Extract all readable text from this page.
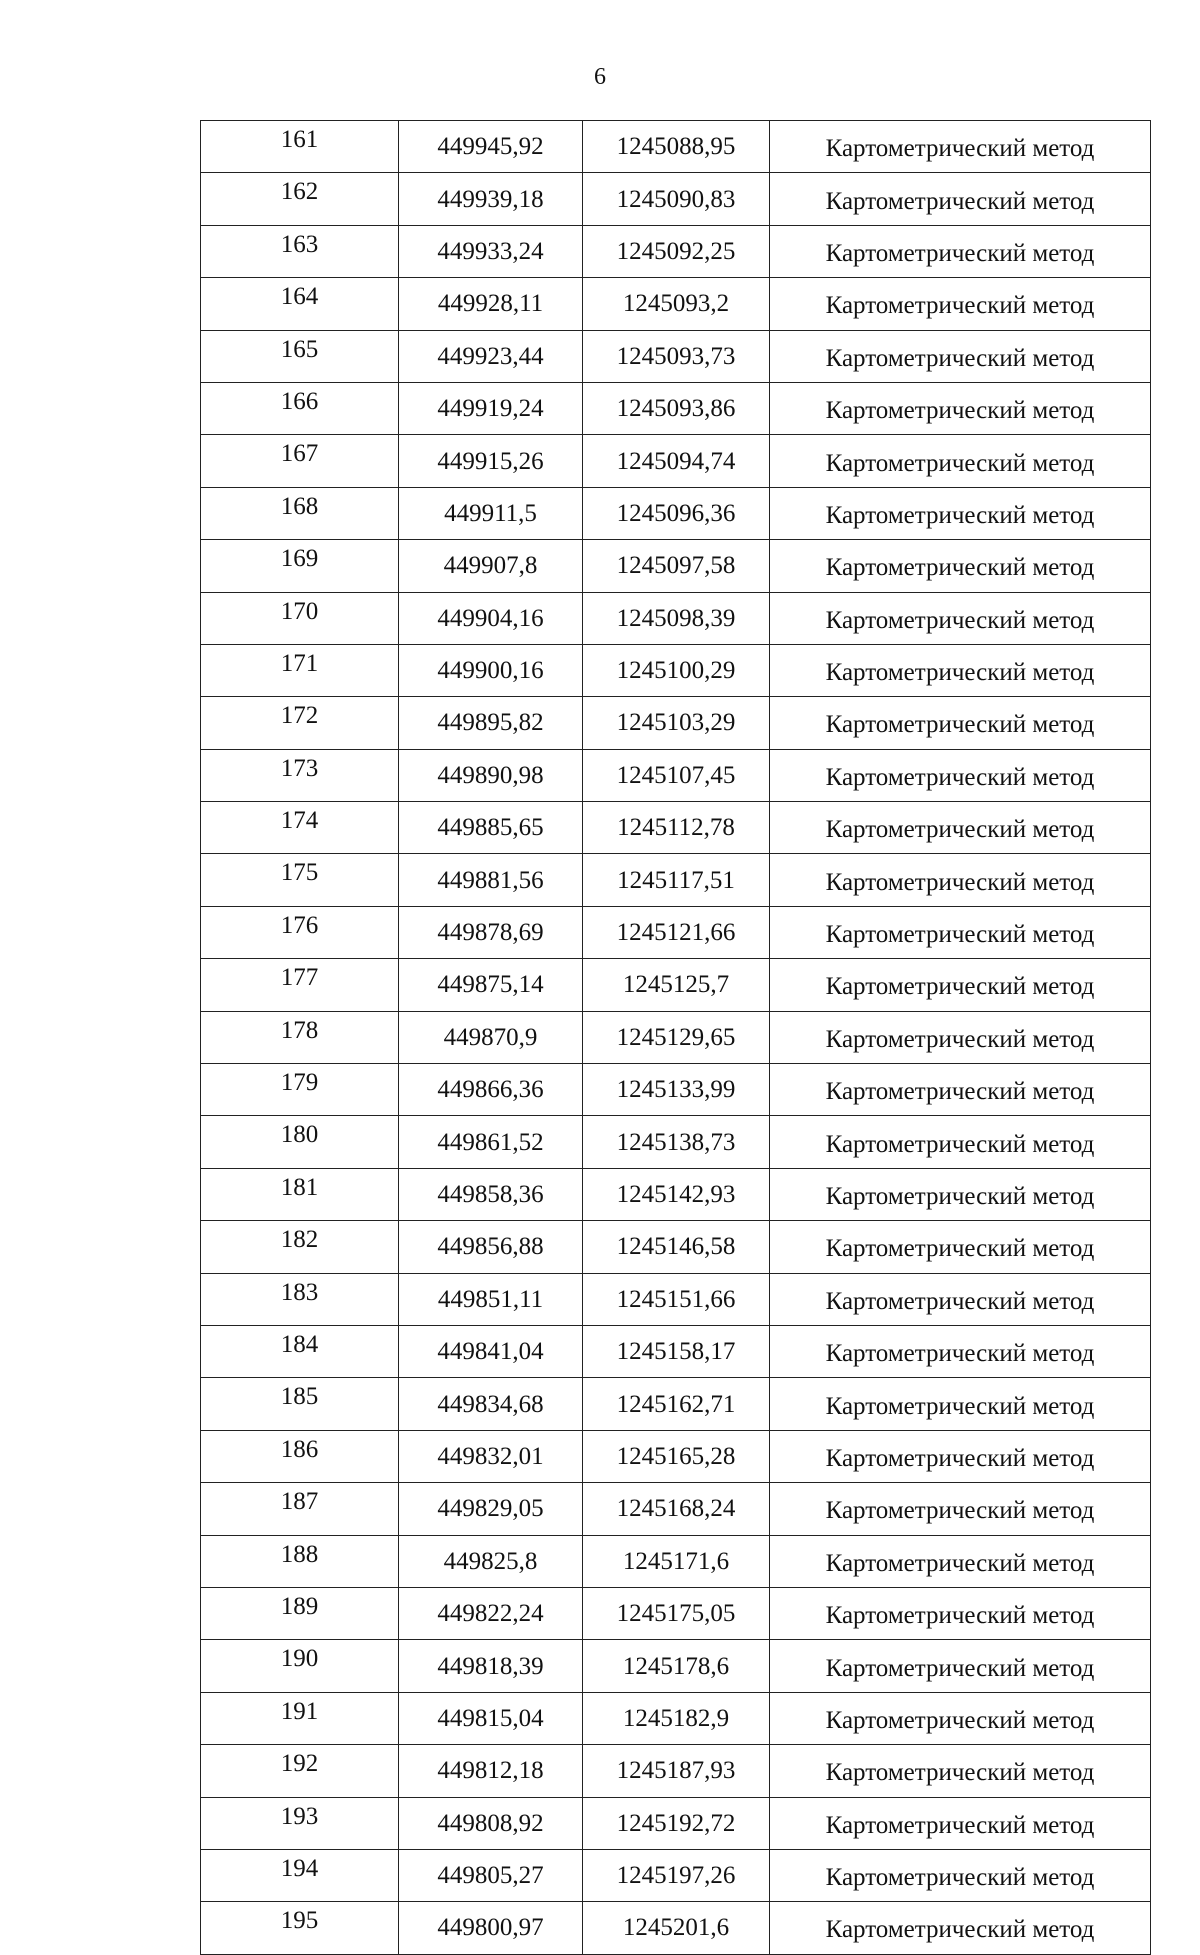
6
161	449945,92	1245088,95	Картометрический метод
162	449939,18	1245090,83	Картометрический метод
163	449933,24	1245092,25	Картометрический метод
164	449928,11	1245093,2	Картометрический метод
165	449923,44	1245093,73	Картометрический метод
166	449919,24	1245093,86	Картометрический метод
167	449915,26	1245094,74	Картометрический метод
168	449911,5	1245096,36	Картометрический метод
169	449907,8	1245097,58	Картометрический метод
170	449904,16	1245098,39	Картометрический метод
171	449900,16	1245100,29	Картометрический метод
172	449895,82	1245103,29	Картометрический метод
173	449890,98	1245107,45	Картометрический метод
174	449885,65	1245112,78	Картометрический метод
175	449881,56	1245117,51	Картометрический метод
176	449878,69	1245121,66	Картометрический метод
177	449875,14	1245125,7	Картометрический метод
178	449870,9	1245129,65	Картометрический метод
179	449866,36	1245133,99	Картометрический метод
180	449861,52	1245138,73	Картометрический метод
181	449858,36	1245142,93	Картометрический метод
182	449856,88	1245146,58	Картометрический метод
183	449851,11	1245151,66	Картометрический метод
184	449841,04	1245158,17	Картометрический метод
185	449834,68	1245162,71	Картометрический метод
186	449832,01	1245165,28	Картометрический метод
187	449829,05	1245168,24	Картометрический метод
188	449825,8	1245171,6	Картометрический метод
189	449822,24	1245175,05	Картометрический метод
190	449818,39	1245178,6	Картометрический метод
191	449815,04	1245182,9	Картометрический метод
192	449812,18	1245187,93	Картометрический метод
193	449808,92	1245192,72	Картометрический метод
194	449805,27	1245197,26	Картометрический метод
195	449800,97	1245201,6	Картометрический метод
